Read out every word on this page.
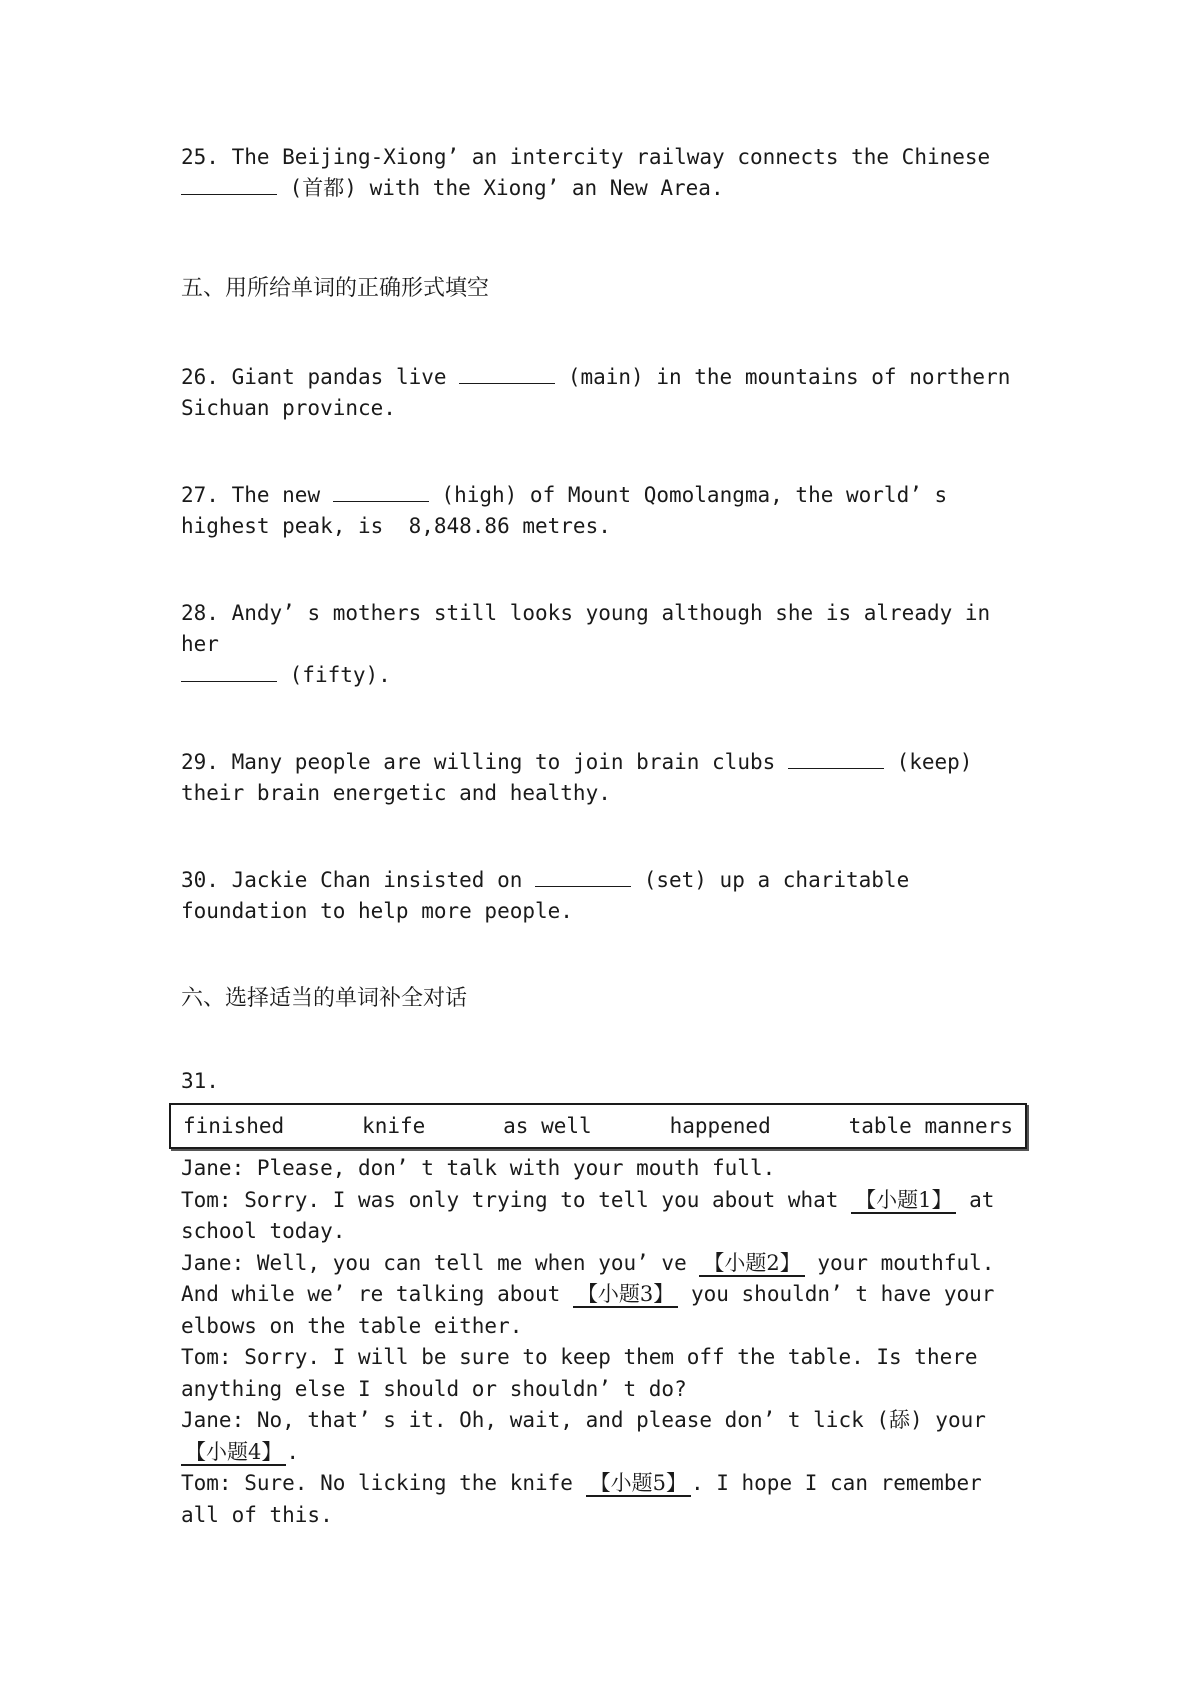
25. The Beijing-Xiong’ an intercity railway connects the Chinese
(首都) with the Xiong’ an New Area.

五、用所给单词的正确形式填空

26. Giant pandas live	(main) in the mountains of northern Sichuan province.

27. The new	(high) of Mount Qomolangma, the world’ s highest peak, is  8,848.86 metres.

28. Andy’ s mothers still looks young although she is already in her
(fifty).

29. Many people are willing to join brain clubs	(keep) their brain energetic and healthy.

30. Jackie Chan insisted on	(set) up a charitable foundation to help more people.

六、选择适当的单词补全对话

31.

finished	knife	as well	happened	table manners
Jane: Please, don’ t talk with your mouth full.
Tom: Sorry. I was only trying to tell you about what 【小题1】 at school today.
Jane: Well, you can tell me when you’ ve 【小题2】 your mouthful. And while we’ re talking about 【小题3】 you shouldn’ t have your elbows on the table either.
Tom: Sorry. I will be sure to keep them off the table. Is there anything else I should or shouldn’ t do?
Jane: No, that’ s it. Oh, wait, and please don’ t lick (舔) your 【小题4】 .
Tom: Sure. No licking the knife 【小题5】 . I hope I can remember all of this.
